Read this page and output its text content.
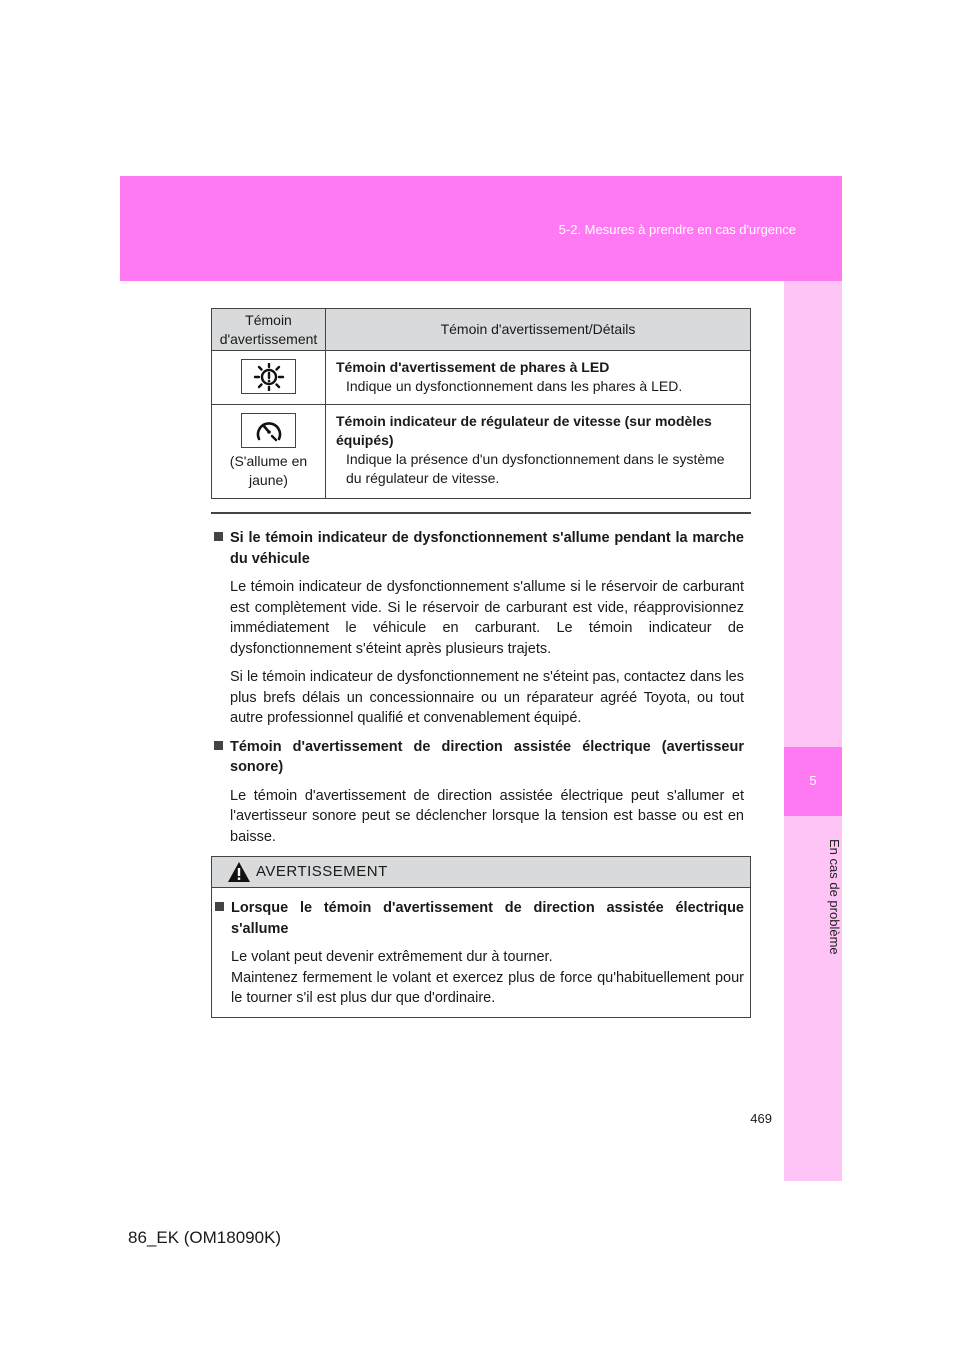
5-2. Mesures à prendre en cas d'urgence
5
En cas de problème
Témoin d'avertissement	Témoin d'avertissement/Détails

Témoin d'avertissement de phares à LED
Indique un dysfonctionnement dans les phares à LED.

(S'allume en jaune)	Témoin indicateur de régulateur de vitesse (sur modèles équipés)
Indique la présence d'un dysfonctionnement dans le système du régulateur de vitesse.
Si le témoin indicateur de dysfonctionnement s'allume pendant la marche du véhicule

Le témoin indicateur de dysfonctionnement s'allume si le réservoir de carburant est complètement vide. Si le réservoir de carburant est vide, réapprovisionnez immédiatement le véhicule en carburant. Le témoin indicateur de dysfonctionnement s'éteint après plusieurs trajets.

Si le témoin indicateur de dysfonctionnement ne s'éteint pas, contactez dans les plus brefs délais un concessionnaire ou un réparateur agréé Toyota, ou tout autre professionnel qualifié et convenablement équipé.

Témoin d'avertissement de direction assistée électrique (avertisseur sonore)

Le témoin d'avertissement de direction assistée électrique peut s'allumer et l'avertisseur sonore peut se déclencher lorsque la tension est basse ou est en baisse.

AVERTISSEMENT
Lorsque le témoin d'avertissement de direction assistée électrique s'allume

Le volant peut devenir extrêmement dur à tourner.

Maintenez fermement le volant et exercez plus de force qu'habituellement pour le tourner s'il est plus dur que d'ordinaire.

469
86_EK (OM18090K)
